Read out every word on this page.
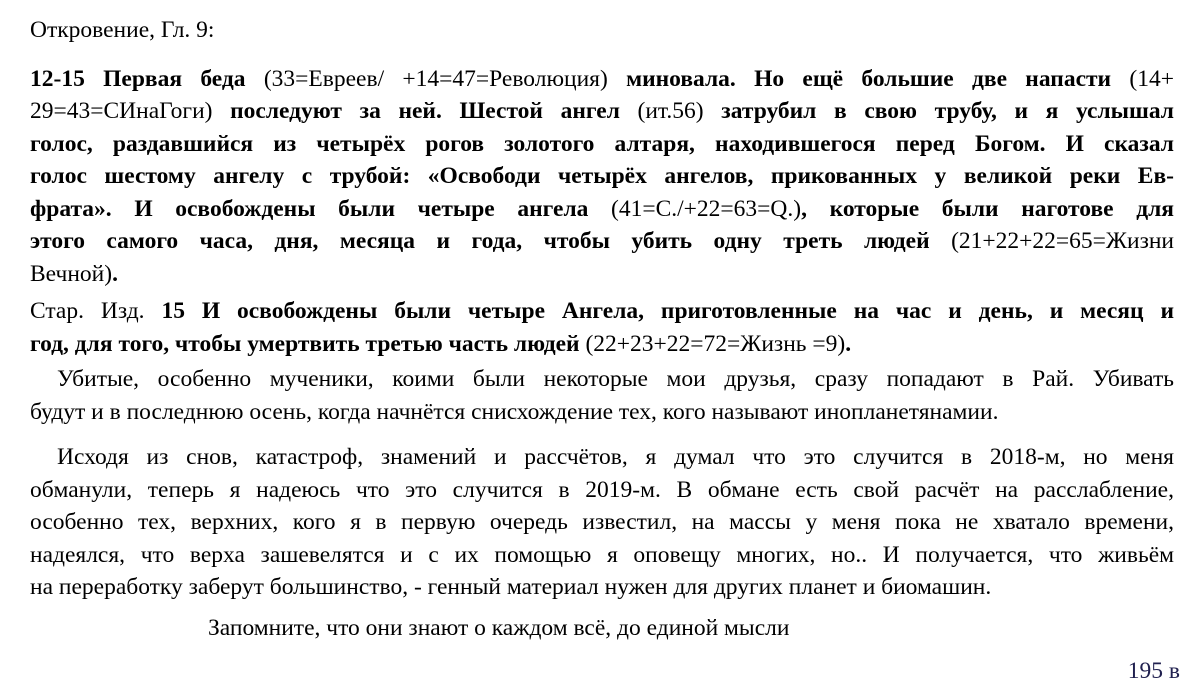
Откровение, Гл. 9:
12-15 Первая беда (33=Евреев/ +14=47=Революция) миновала. Но ещё большие две напасти (14+
29=43=СИнаГоги) последуют за ней. Шестой ангел (ит.56) затрубил в свою трубу, и я услышал
голос, раздавшийся из четырёх рогов золотого алтаря, находившегося перед Богом. И сказал
голос шестому ангелу с трубой: «Освободи четырёх ангелов, прикованных у великой реки Ев-
фрата». И освобождены были четыре ангела (41=С./+22=63=Q.), которые были наготове для
этого самого часа, дня, месяца и года, чтобы убить одну треть людей (21+22+22=65=Жизни
Вечной).
Стар. Изд. 15 И освобождены были четыре Ангела, приготовленные на час и день, и месяц и
год, для того, чтобы умертвить третью часть людей (22+23+22=72=Жизнь =9).
Убитые, особенно мученики, коими были некоторые мои друзья, сразу попадают в Рай. Убивать
будут и в последнюю осень, когда начнётся снисхождение тех, кого называют инопланетянамии.
Исходя из снов, катастроф, знамений и рассчётов, я думал что это случится в 2018-м, но меня
обманули, теперь я надеюсь что это случится в 2019-м. В обмане есть свой расчёт на расслабление,
особенно тех, верхних, кого я в первую очередь известил, на массы у меня пока не хватало времени,
надеялся, что верха зашевелятся и с их помощью я оповещу многих, но.. И получается, что живьём
на переработку заберут большинство, - генный материал нужен для других планет и биомашин.
Запомните, что они знают о каждом всё, до единой мысли
195 в
